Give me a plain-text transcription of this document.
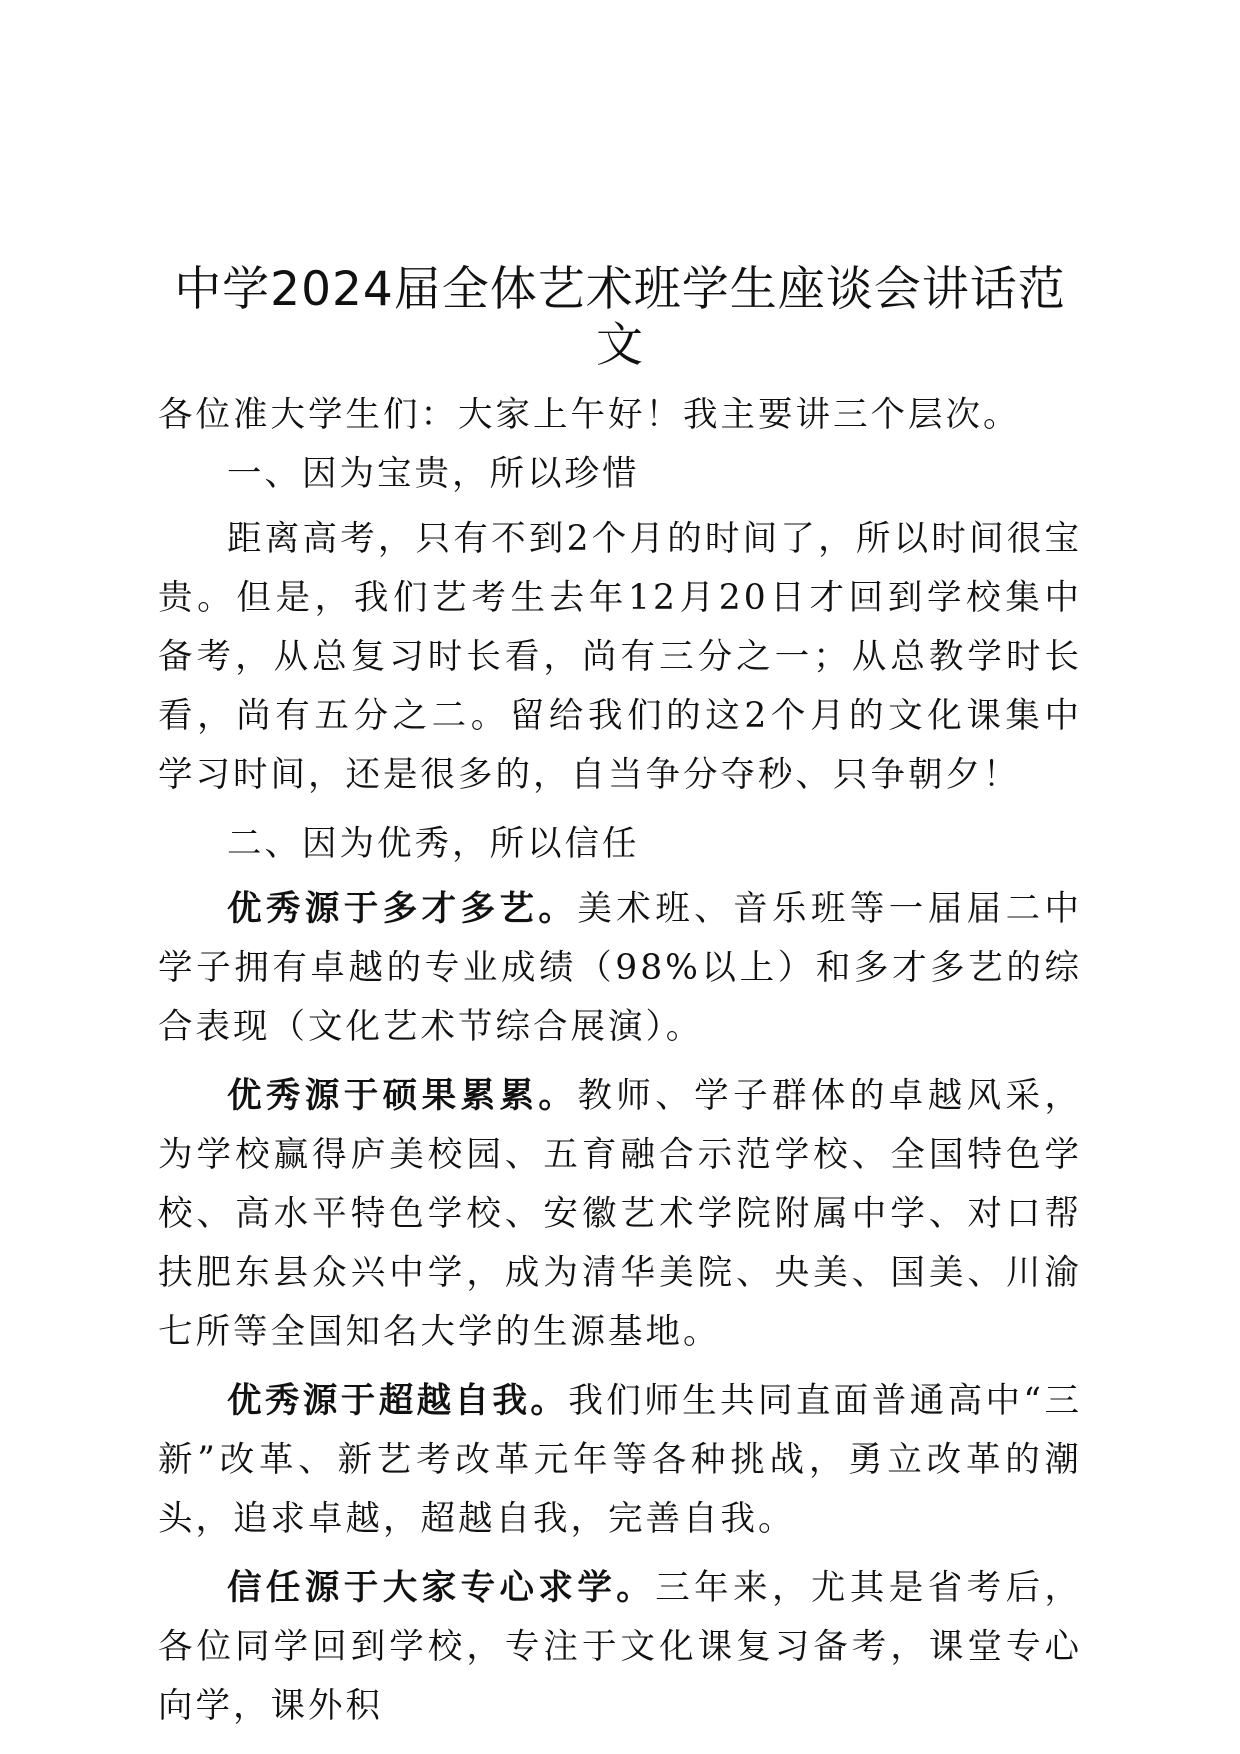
中学2024届全体艺术班学生座谈会讲话范文

各位准大学生们：大家上午好！我主要讲三个层次。

一、因为宝贵，所以珍惜

距离高考，只有不到2个月的时间了，所以时间很宝贵。但是，我们艺考生去年12月20日才回到学校集中备考，从总复习时长看，尚有三分之一；从总教学时长看，尚有五分之二。留给我们的这2个月的文化课集中学习时间，还是很多的，自当争分夺秒、只争朝夕！

二、因为优秀，所以信任

优秀源于多才多艺。美术班、音乐班等一届届二中学子拥有卓越的专业成绩（98%以上）和多才多艺的综合表现（文化艺术节综合展演）。

优秀源于硕果累累。教师、学子群体的卓越风采，为学校赢得庐美校园、五育融合示范学校、全国特色学校、高水平特色学校、安徽艺术学院附属中学、对口帮扶肥东县众兴中学，成为清华美院、央美、国美、川渝七所等全国知名大学的生源基地。

优秀源于超越自我。我们师生共同直面普通高中“三新”改革、新艺考改革元年等各种挑战，勇立改革的潮头，追求卓越，超越自我，完善自我。

信任源于大家专心求学。三年来，尤其是省考后，各位同学回到学校，专注于文化课复习备考，课堂专心向学，课外积
